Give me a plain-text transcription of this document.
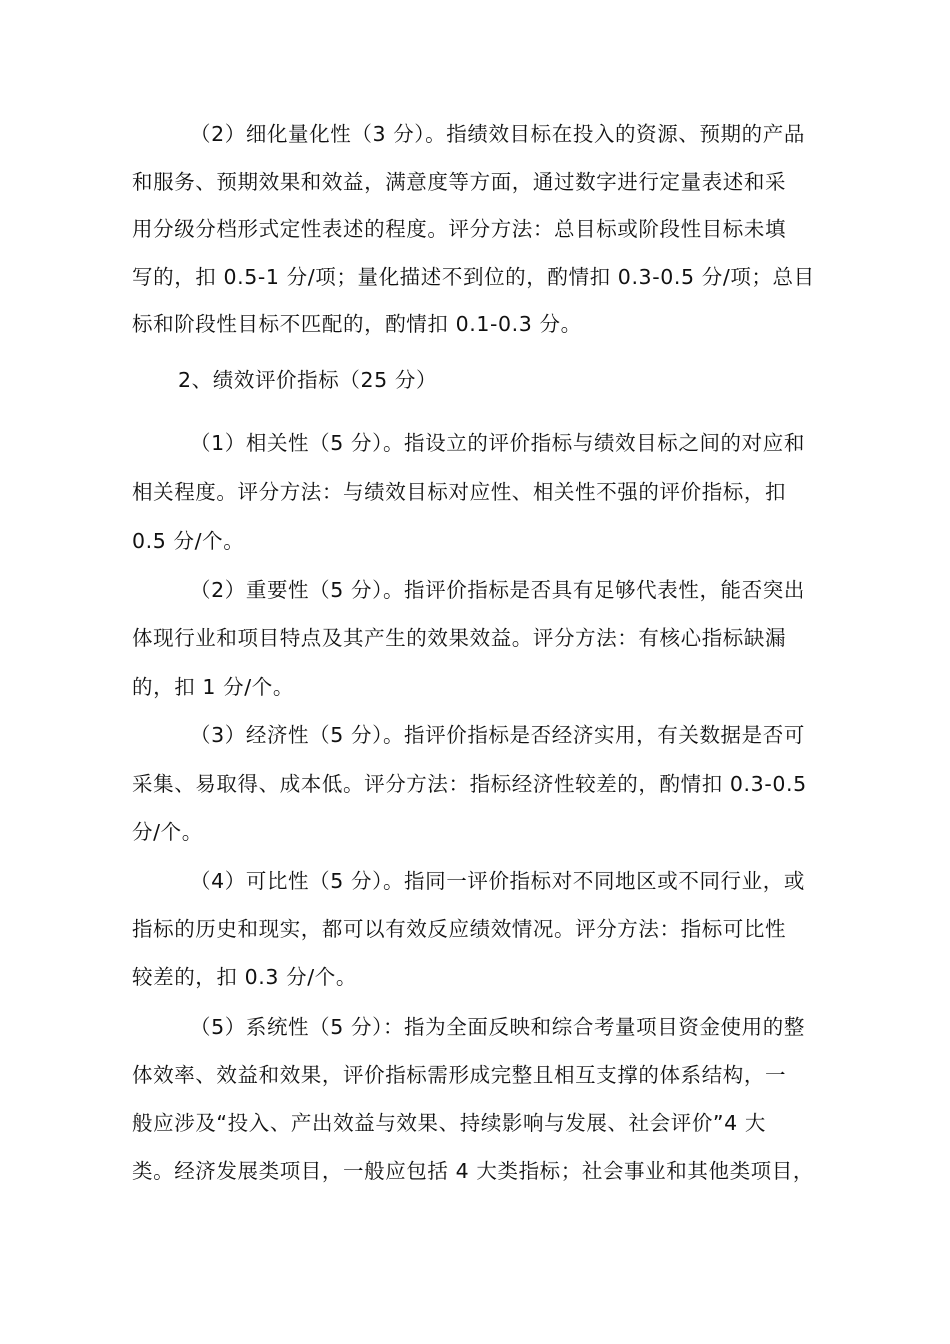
（2）细化量化性（3 分）。指绩效目标在投入的资源、预期的产品
和服务、预期效果和效益，满意度等方面，通过数字进行定量表述和采
用分级分档形式定性表述的程度。评分方法：总目标或阶段性目标未填
写的，扣 0.5-1 分/项；量化描述不到位的，酌情扣 0.3-0.5 分/项；总目
标和阶段性目标不匹配的，酌情扣 0.1-0.3 分。
2、绩效评价指标（25 分）
（1）相关性（5 分）。指设立的评价指标与绩效目标之间的对应和
相关程度。评分方法：与绩效目标对应性、相关性不强的评价指标，扣
0.5 分/个。
（2）重要性（5 分）。指评价指标是否具有足够代表性，能否突出
体现行业和项目特点及其产生的效果效益。评分方法：有核心指标缺漏
的，扣 1 分/个。
（3）经济性（5 分）。指评价指标是否经济实用，有关数据是否可
采集、易取得、成本低。评分方法：指标经济性较差的，酌情扣 0.3-0.5
分/个。
（4）可比性（5 分）。指同一评价指标对不同地区或不同行业，或
指标的历史和现实，都可以有效反应绩效情况。评分方法：指标可比性
较差的，扣 0.3 分/个。
（5）系统性（5 分）：指为全面反映和综合考量项目资金使用的整
体效率、效益和效果，评价指标需形成完整且相互支撑的体系结构，一
般应涉及“投入、产出效益与效果、持续影响与发展、社会评价”4 大
类。经济发展类项目，一般应包括 4 大类指标；社会事业和其他类项目，
